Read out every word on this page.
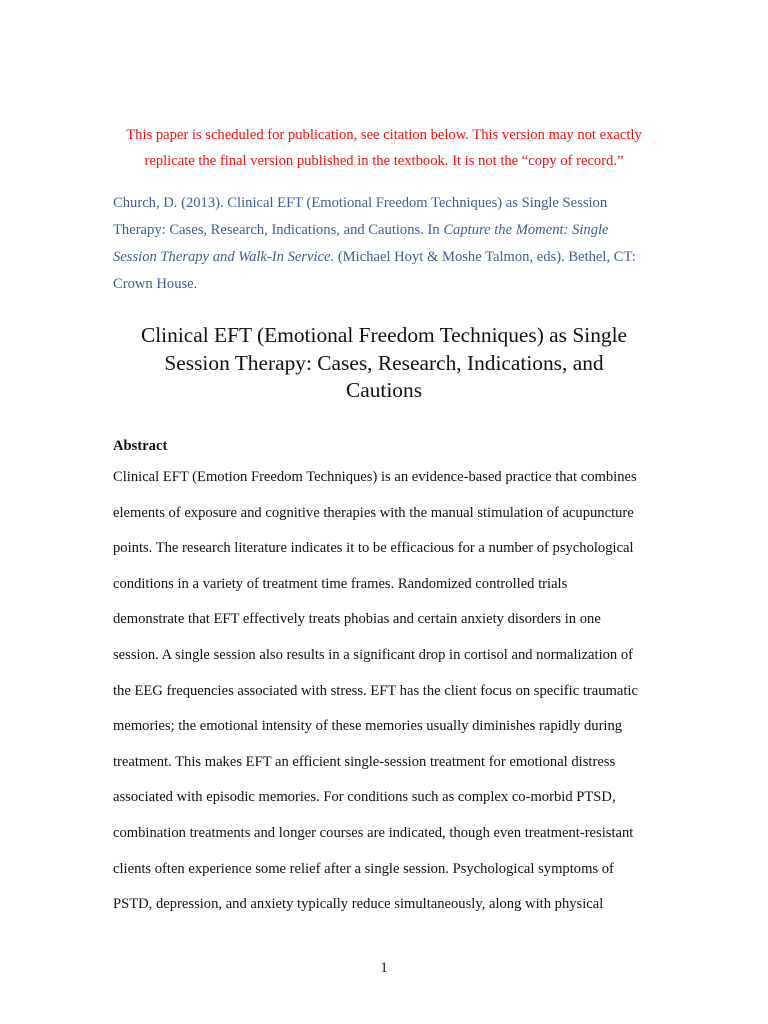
This paper is scheduled for publication, see citation below. This version may not exactly
replicate the final version published in the textbook. It is not the “copy of record.”
Church, D. (2013). Clinical EFT (Emotional Freedom Techniques) as Single Session Therapy: Cases, Research, Indications, and Cautions. In Capture the Moment: Single Session Therapy and Walk-In Service. (Michael Hoyt & Moshe Talmon, eds). Bethel, CT: Crown House.
Clinical EFT (Emotional Freedom Techniques) as Single
Session Therapy: Cases, Research, Indications, and
Cautions
Abstract
Clinical EFT (Emotion Freedom Techniques) is an evidence-based practice that combines
elements of exposure and cognitive therapies with the manual stimulation of acupuncture
points. The research literature indicates it to be efficacious for a number of psychological
conditions in a variety of treatment time frames. Randomized controlled trials
demonstrate that EFT effectively treats phobias and certain anxiety disorders in one
session. A single session also results in a significant drop in cortisol and normalization of
the EEG frequencies associated with stress. EFT has the client focus on specific traumatic
memories; the emotional intensity of these memories usually diminishes rapidly during
treatment. This makes EFT an efficient single-session treatment for emotional distress
associated with episodic memories. For conditions such as complex co-morbid PTSD,
combination treatments and longer courses are indicated, though even treatment-resistant
clients often experience some relief after a single session. Psychological symptoms of
PSTD, depression, and anxiety typically reduce simultaneously, along with physical
1
